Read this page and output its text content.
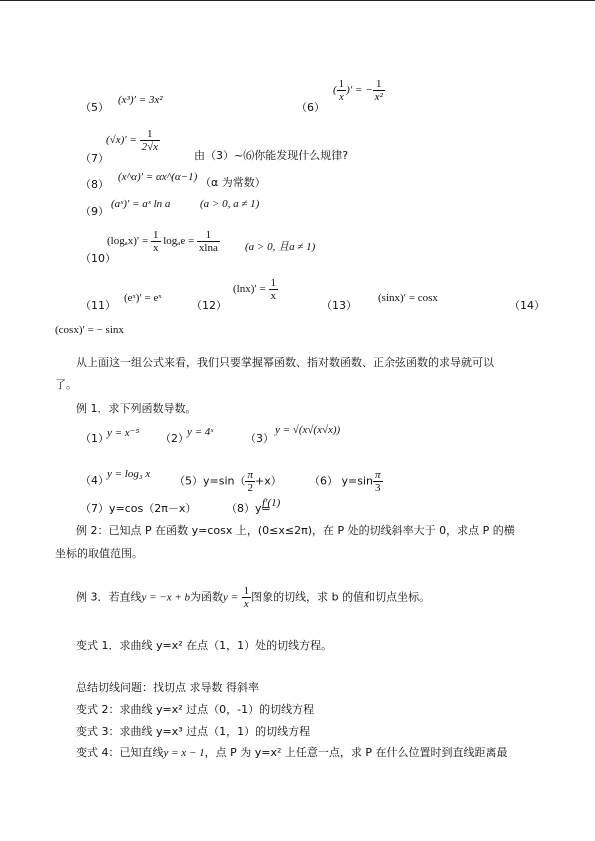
（5）
(x³)′ = 3x²
（6）
( $\frac{1}{x}$ )′ = − $\frac{1}{\text{x²}}$
（7）
$(√x)' = \frac{1}{2√x}$
由（3）~⑹你能发现什么规律?
（8）
(x^α)′ = αx^(α−1) （α 为常数）
（9）
(aˣ)′ = aˣ ln a	(a > 0, a ≠ 1)
（10）
$(\log_ax)' = \frac{1}{x}$ $\log_ae = \frac{1}{xlna} (a > 0$, 且a ≠ 1)
（11）
(eˣ)′ = eˣ
（12）
$(\ln x)' = \frac{1}{x}$
（13）
(sinx)′ = cosx
（14）
(cosx)′ = − sinx
从上面这一组公式来看，我们只要掌握幂函数、指对数函数、正余弦函数的求导就可以
了。
例 1．求下列函数导数。
（1）
y = x⁻⁵ （2）
y = 4ˣ	（3）
y = √(x√(x√x))
（4）
y = log₃ x
$(5)y=\sin( \frac{\pi}{2} +x)$ （6） $y=\sin \frac{\pi}{3}$
（7）y=cos（2π－x）	（8）y=
f′(1)
例 2：已知点 P 在函数 y=cosx 上，(0≤x≤2π)，在 P 处的切线斜率大于 0，求点 P 的横
坐标的取值范围。
例 3．若直线y = −x + b为函数$y = \frac{1}{x}$ 图象的切线，求 b 的值和切点坐标。
变式 1．求曲线 y=x² 在点（1，1）处的切线方程。
总结切线问题：找切点 求导数 得斜率
变式 2：求曲线 y=x² 过点（0，-1）的切线方程
变式 3：求曲线 y=x³ 过点（1，1）的切线方程
变式 4：已知直线y = x − 1，点 P 为 y=x² 上任意一点，求 P 在什么位置时到直线距离最
